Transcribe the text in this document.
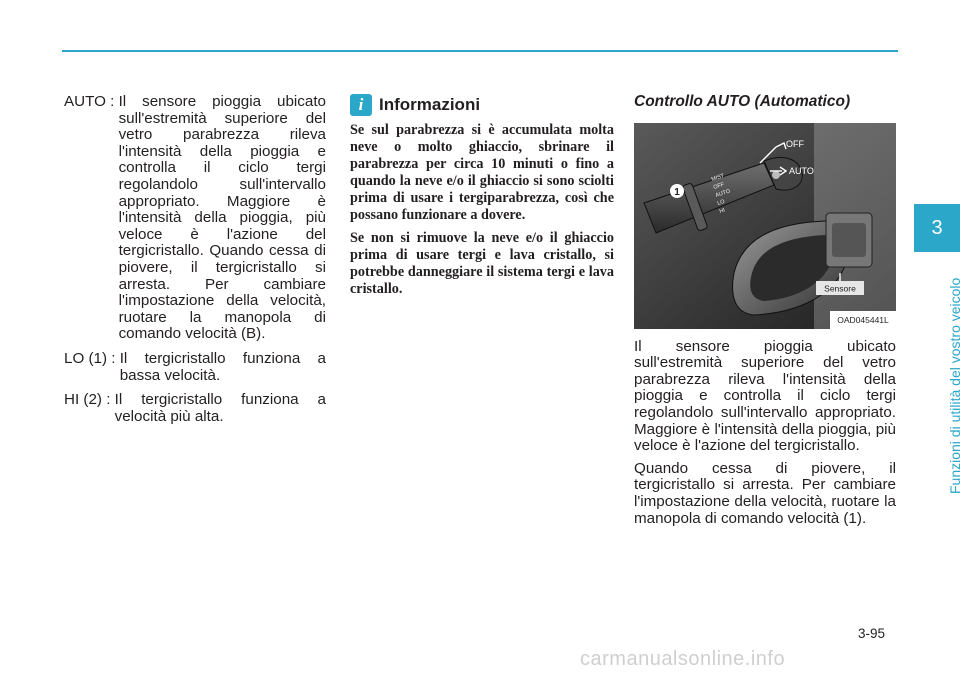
AUTO : Il sensore pioggia ubicato sull'estremità superiore del vetro parabrezza rileva l'intensità della pioggia e controlla il ciclo tergi regolandolo sull'intervallo appropriato. Maggiore è l'intensità della pioggia, più veloce è l'azione del tergicristallo. Quando cessa di piovere, il tergicristallo si arresta. Per cambiare l'impostazione della velocità, ruotare la manopola di comando velocità (B).
LO (1) : Il tergicristallo funziona a bassa velocità.
HI (2) : Il tergicristallo funziona a velocità più alta.
i Informazioni

Se sul parabrezza si è accumulata molta neve o molto ghiaccio, sbrinare il parabrezza per circa 10 minuti o fino a quando la neve e/o il ghiaccio si sono sciolti prima di usare i tergiparabrezza, così che possano funzionare a dovere.

Se non si rimuove la neve e/o il ghiaccio prima di usare tergi e lava cristallo, si potrebbe danneggiare il sistema tergi e lava cristallo.

Controllo AUTO (Automatico)
1
MIST
OFF
AUTO
LO
HI
OFF
AUTO
Sensore
OAD045441L

Il sensore pioggia ubicato sull'estremità superiore del vetro parabrezza rileva l'intensità della pioggia e controlla il ciclo tergi regolandolo sull'intervallo appropriato. Maggiore è l'intensità della pioggia, più veloce è l'azione del tergicristallo.

Quando cessa di piovere, il tergicristallo si arresta. Per cambiare l'impostazione della velocità, ruotare la manopola di comando velocità (1).

3
Funzioni di utilità del vostro veicolo
3-95
carmanualsonline.info
